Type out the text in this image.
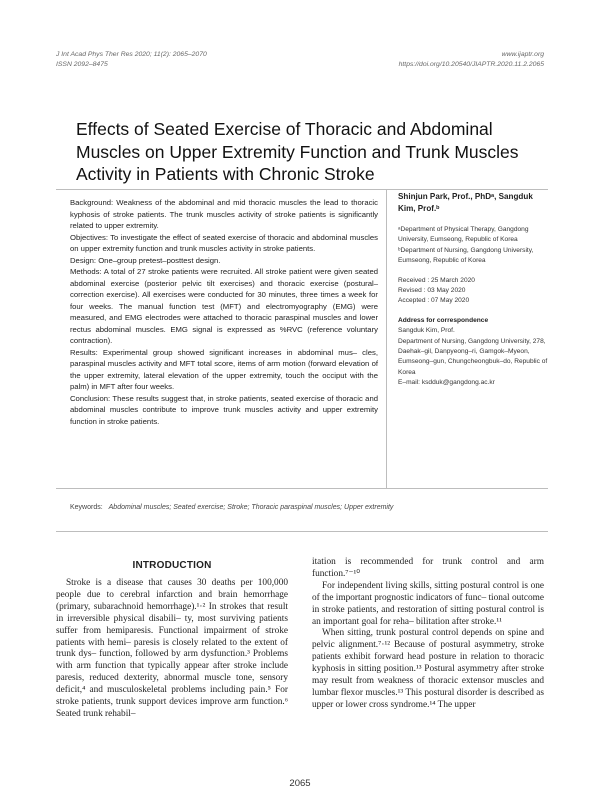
J Int Acad Phys Ther Res 2020; 11(2): 2065–2070
ISSN 2092–8475
www.ijaptr.org
https://doi.org/10.20540/JIAPTR.2020.11.2.2065
Effects of Seated Exercise of Thoracic and Abdominal
Muscles on Upper Extremity Function and Trunk Muscles
Activity in Patients with Chronic Stroke

Background: Weakness of the abdominal and mid thoracic muscles the lead to thoracic kyphosis of stroke patients. The trunk muscles activity of stroke patients is significantly related to upper extremity.

Objectives: To investigate the effect of seated exercise of thoracic and abdominal muscles on upper extremity function and trunk muscles activity in stroke patients.

Design: One–group pretest–posttest design.

Methods: A total of 27 stroke patients were recruited. All stroke patient were given seated abdominal exercise (posterior pelvic tilt exercises) and thoracic exercise (postural–correction exercise). All exercises were conducted for 30 minutes, three times a week for four weeks. The manual function test (MFT) and electromyography (EMG) were measured, and EMG electrodes were attached to thoracic paraspinal muscles and lower rectus abdominal muscles. EMG signal is expressed as %RVC (reference voluntary contraction).

Results: Experimental group showed significant increases in abdominal mus– cles, paraspinal muscles activity and MFT total score, items of arm motion (forward elevation of the upper extremity, lateral elevation of the upper extremity, touch the occiput with the palm) in MFT after four weeks.

Conclusion: These results suggest that, in stroke patients, seated exercise of thoracic and abdominal muscles contribute to improve trunk muscles activity and upper extremity function in stroke patients.

Shinjun Park, Prof., PhDᵃ, Sangduk Kim, Prof.ᵇ

ᵃDepartment of Physical Therapy, Gangdong University, Eumseong, Republic of Korea

ᵇDepartment of Nursing, Gangdong University, Eumseong, Republic of Korea

Received : 25 March 2020

Revised : 03 May 2020

Accepted : 07 May 2020

Address for correspondence

Sangduk Kim, Prof.

Department of Nursing, Gangdong University, 278, Daehak–gil, Danpyeong–ri, Gamgok–Myeon, Eumseong–gun, Chungcheongbuk–do, Republic of Korea

E–mail: ksdduk@gangdong.ac.kr

Keywords: Abdominal muscles; Seated exercise; Stroke; Thoracic paraspinal muscles; Upper extremity
INTRODUCTION

Stroke is a disease that causes 30 deaths per 100,000 people due to cerebral infarction and brain hemorrhage (primary, subarachnoid hemorrhage).¹·² In strokes that result in irreversible physical disabili– ty, most surviving patients suffer from hemiparesis. Functional impairment of stroke patients with hemi– paresis is closely related to the extent of trunk dys– function, followed by arm dysfunction.³ Problems with arm function that typically appear after stroke include paresis, reduced dexterity, abnormal muscle tone, sensory deficit,⁴ and musculoskeletal problems including pain.⁵ For stroke patients, trunk support devices improve arm function.⁶ Seated trunk rehabil–

itation is recommended for trunk control and arm function.⁷⁻¹⁰

For independent living skills, sitting postural control is one of the important prognostic indicators of func– tional outcome in stroke patients, and restoration of sitting postural control is an important goal for reha– bilitation after stroke.¹¹

When sitting, trunk postural control depends on spine and pelvic alignment.⁷·¹² Because of postural asymmetry, stroke patients exhibit forward head posture in relation to thoracic kyphosis in sitting position.¹³ Postural asymmetry after stroke may result from weakness of thoracic extensor muscles and lumbar flexor muscles.¹³ This postural disorder is described as upper or lower cross syndrome.¹⁴ The upper

2065
